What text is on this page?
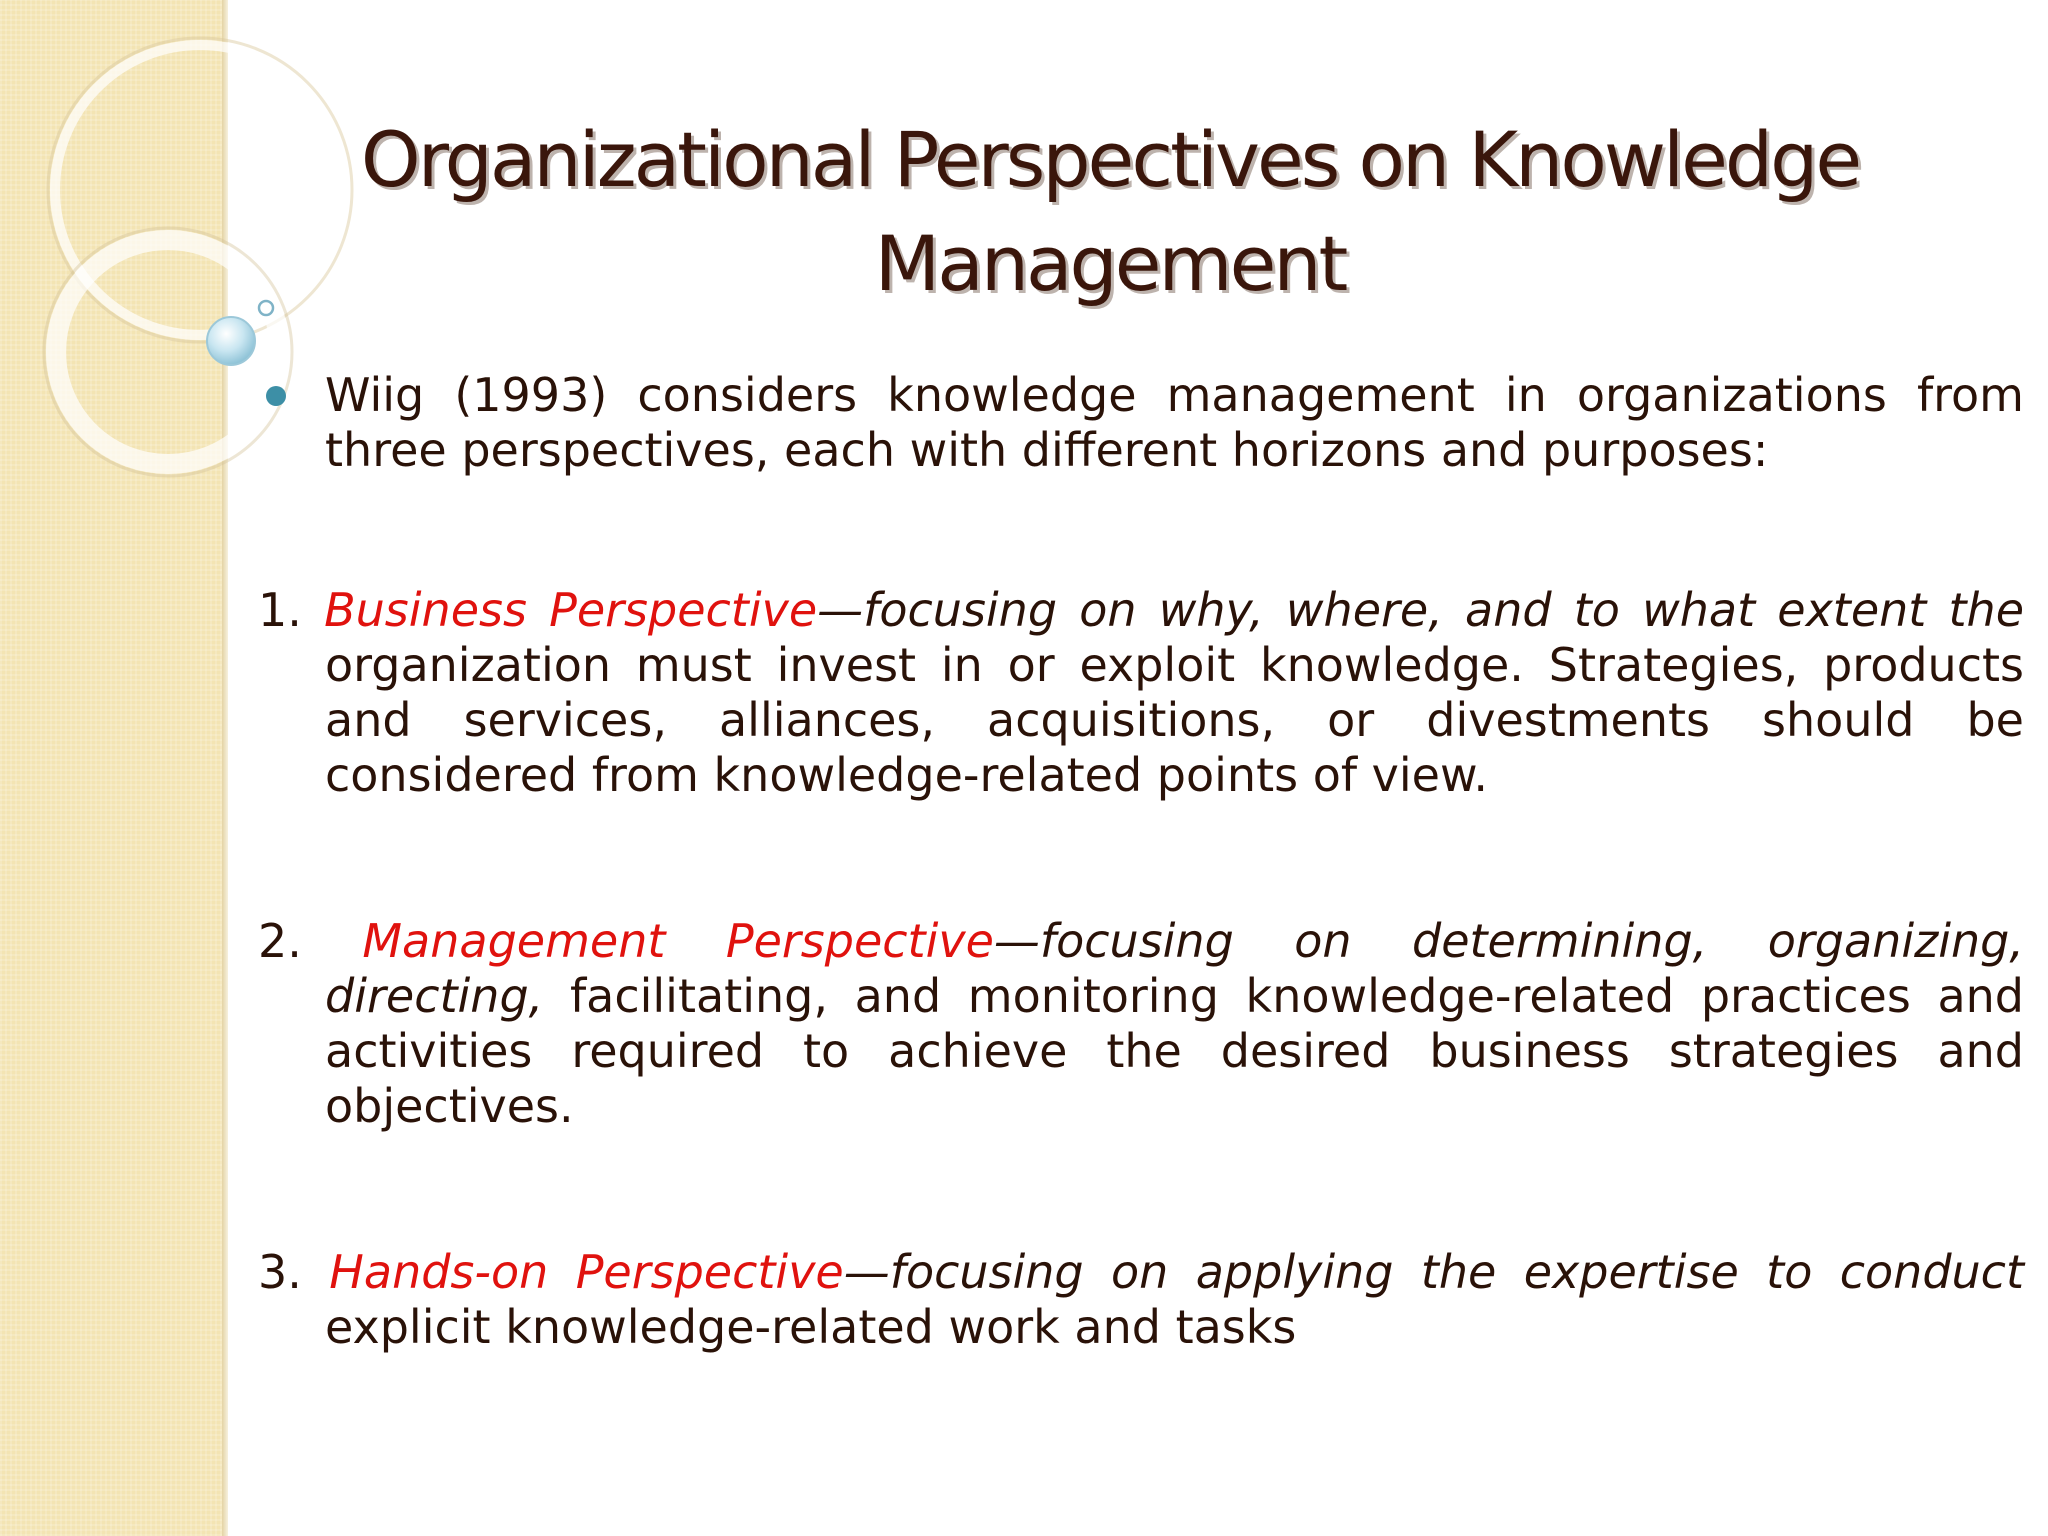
Organizational Perspectives on Knowledge Management
Wiig (1993) considers knowledge management in organizations from three perspectives, each with different horizons and purposes:
1. Business Perspective—focusing on why, where, and to what extent the organization must invest in or exploit knowledge. Strategies, products and services, alliances, acquisitions, or divestments should be considered from knowledge-related points of view.
2. Management Perspective—focusing on determining, organizing, directing, facilitating, and monitoring knowledge-related practices and activities required to achieve the desired business strategies and objectives.
3. Hands-on Perspective—focusing on applying the expertise to conduct explicit knowledge-related work and tasks
